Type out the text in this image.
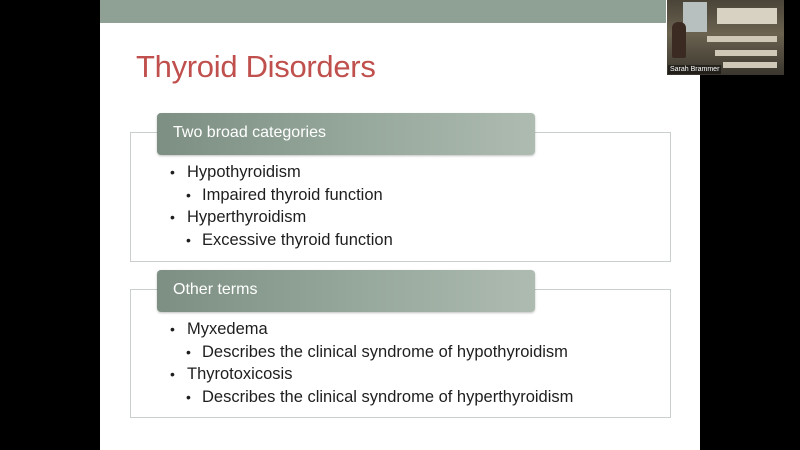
Thyroid Disorders
Two broad categories
• Hypothyroidism
• Impaired thyroid function
• Hyperthyroidism
• Excessive thyroid function
Other terms
• Myxedema
• Describes the clinical syndrome of hypothyroidism
• Thyrotoxicosis
• Describes the clinical syndrome of hyperthyroidism
Sarah Brammer
